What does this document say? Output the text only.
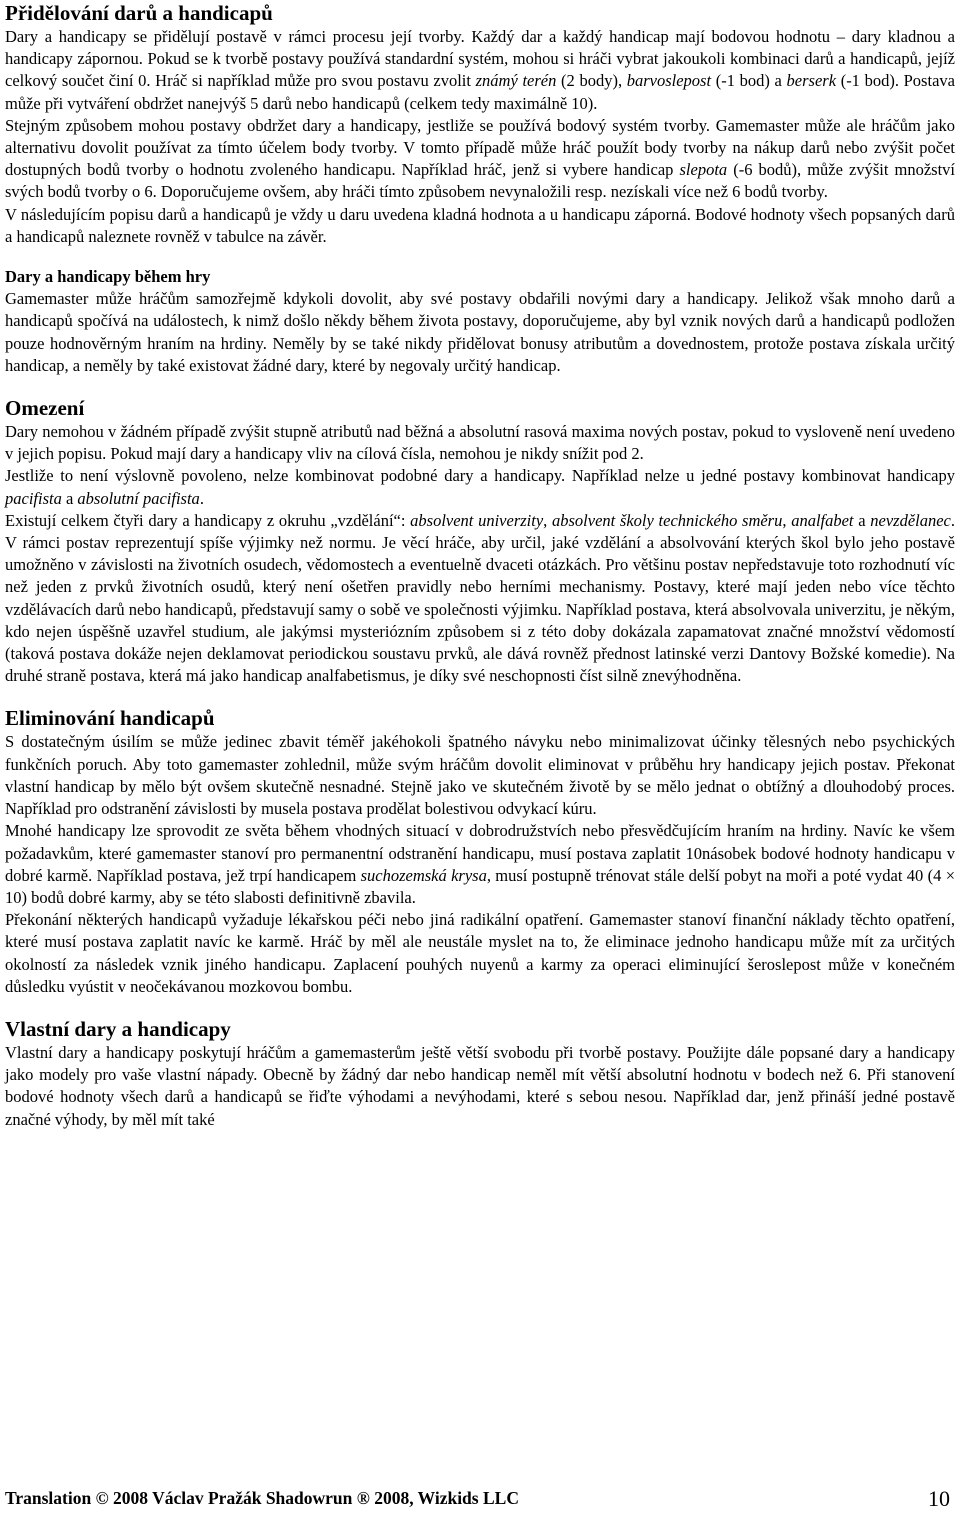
Přidělování darů a handicapů

Dary a handicapy se přidělují postavě v rámci procesu její tvorby. Každý dar a každý handicap mají bodovou hodnotu – dary kladnou a handicapy zápornou. Pokud se k tvorbě postavy používá standardní systém, mohou si hráči vybrat jakoukoli kombinaci darů a handicapů, jejíž celkový součet činí 0. Hráč si například může pro svou postavu zvolit známý terén (2 body), barvoslepost (-1 bod) a berserk (-1 bod). Postava může při vytváření obdržet nanejvýš 5 darů nebo handicapů (celkem tedy maximálně 10).

Stejným způsobem mohou postavy obdržet dary a handicapy, jestliže se používá bodový systém tvorby. Gamemaster může ale hráčům jako alternativu dovolit používat za tímto účelem body tvorby. V tomto případě může hráč použít body tvorby na nákup darů nebo zvýšit počet dostupných bodů tvorby o hodnotu zvoleného handicapu. Například hráč, jenž si vybere handicap slepota (-6 bodů), může zvýšit množství svých bodů tvorby o 6. Doporučujeme ovšem, aby hráči tímto způsobem nevynaložili resp. nezískali více než 6 bodů tvorby.

V následujícím popisu darů a handicapů je vždy u daru uvedena kladná hodnota a u handicapu záporná. Bodové hodnoty všech popsaných darů a handicapů naleznete rovněž v tabulce na závěr.

Dary a handicapy během hry

Gamemaster může hráčům samozřejmě kdykoli dovolit, aby své postavy obdařili novými dary a handicapy. Jelikož však mnoho darů a handicapů spočívá na událostech, k nimž došlo někdy během života postavy, doporučujeme, aby byl vznik nových darů a handicapů podložen pouze hodnověrným hraním na hrdiny. Neměly by se také nikdy přidělovat bonusy atributům a dovednostem, protože postava získala určitý handicap, a neměly by také existovat žádné dary, které by negovaly určitý handicap.

Omezení

Dary nemohou v žádném případě zvýšit stupně atributů nad běžná a absolutní rasová maxima nových postav, pokud to vysloveně není uvedeno v jejich popisu. Pokud mají dary a handicapy vliv na cílová čísla, nemohou je nikdy snížit pod 2.

Jestliže to není výslovně povoleno, nelze kombinovat podobné dary a handicapy. Například nelze u jedné postavy kombinovat handicapy pacifista a absolutní pacifista.

Existují celkem čtyři dary a handicapy z okruhu „vzdělání“: absolvent univerzity, absolvent školy technického směru, analfabet a nevzdělanec. V rámci postav reprezentují spíše výjimky než normu. Je věcí hráče, aby určil, jaké vzdělání a absolvování kterých škol bylo jeho postavě umožněno v závislosti na životních osudech, vědomostech a eventuelně dvaceti otázkách. Pro většinu postav nepředstavuje toto rozhodnutí víc než jeden z prvků životních osudů, který není ošetřen pravidly nebo herními mechanismy. Postavy, které mají jeden nebo více těchto vzdělávacích darů nebo handicapů, představují samy o sobě ve společnosti výjimku. Například postava, která absolvovala univerzitu, je někým, kdo nejen úspěšně uzavřel studium, ale jakýmsi mysteriózním způsobem si z této doby dokázala zapamatovat značné množství vědomostí (taková postava dokáže nejen deklamovat periodickou soustavu prvků, ale dává rovněž přednost latinské verzi Dantovy Božské komedie). Na druhé straně postava, která má jako handicap analfabetismus, je díky své neschopnosti číst silně znevýhodněna.

Eliminování handicapů

S dostatečným úsilím se může jedinec zbavit téměř jakéhokoli špatného návyku nebo minimalizovat účinky tělesných nebo psychických funkčních poruch. Aby toto gamemaster zohlednil, může svým hráčům dovolit eliminovat v průběhu hry handicapy jejich postav. Překonat vlastní handicap by mělo být ovšem skutečně nesnadné. Stejně jako ve skutečném životě by se mělo jednat o obtížný a dlouhodobý proces. Například pro odstranění závislosti by musela postava prodělat bolestivou odvykací kúru.

Mnohé handicapy lze sprovodit ze světa během vhodných situací v dobrodružstvích nebo přesvědčujícím hraním na hrdiny. Navíc ke všem požadavkům, které gamemaster stanoví pro permanentní odstranění handicapu, musí postava zaplatit 10násobek bodové hodnoty handicapu v dobré karmě. Například postava, jež trpí handicapem suchozemská krysa, musí postupně trénovat stále delší pobyt na moři a poté vydat 40 (4 × 10) bodů dobré karmy, aby se této slabosti definitivně zbavila.

Překonání některých handicapů vyžaduje lékařskou péči nebo jiná radikální opatření. Gamemaster stanoví finanční náklady těchto opatření, které musí postava zaplatit navíc ke karmě. Hráč by měl ale neustále myslet na to, že eliminace jednoho handicapu může mít za určitých okolností za následek vznik jiného handicapu. Zaplacení pouhých nuyenů a karmy za operaci eliminující šeroslepost může v konečném důsledku vyústit v neočekávanou mozkovou bombu.

Vlastní dary a handicapy

Vlastní dary a handicapy poskytují hráčům a gamemasterům ještě větší svobodu při tvorbě postavy. Použijte dále popsané dary a handicapy jako modely pro vaše vlastní nápady. Obecně by žádný dar nebo handicap neměl mít větší absolutní hodnotu v bodech než 6. Při stanovení bodové hodnoty všech darů a handicapů se řiďte výhodami a nevýhodami, které s sebou nesou. Například dar, jenž přináší jedné postavě značné výhody, by měl mít také

Translation © 2008 Václav Pražák Shadowrun ® 2008, Wizkids LLC	10
